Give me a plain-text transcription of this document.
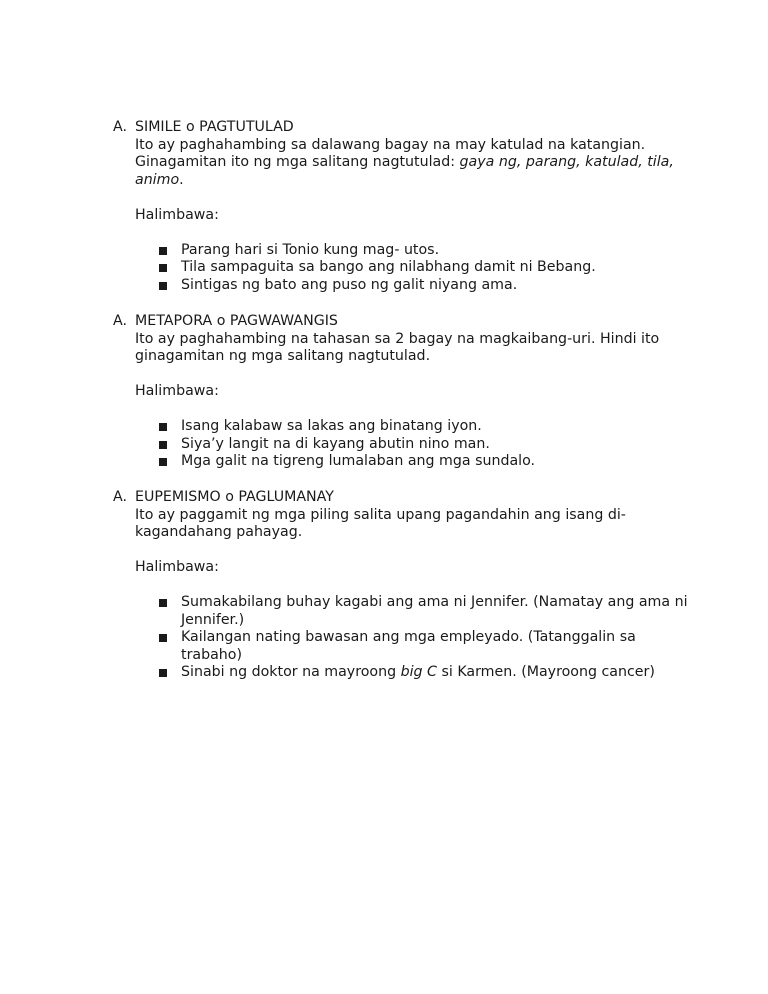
A. SIMILE o PAGTUTULAD
Ito ay paghahambing sa dalawang bagay na may katulad na katangian. Ginagamitan ito ng mga salitang nagtutulad: gaya ng, parang, katulad, tila, animo.
Halimbawa:
Parang hari si Tonio kung mag- utos.
Tila sampaguita sa bango ang nilabhang damit ni Bebang.
Sintigas ng bato ang puso ng galit niyang ama.
A. METAPORA o PAGWAWANGIS
Ito ay paghahambing na tahasan sa 2 bagay na magkaibang-uri. Hindi ito ginagamitan ng mga salitang nagtutulad.
Halimbawa:
Isang kalabaw sa lakas ang binatang iyon.
Siya’y langit na di kayang abutin nino man.
Mga galit na tigreng lumalaban ang mga sundalo.
A. EUPEMISMO o PAGLUMANAY
Ito ay paggamit ng mga piling salita upang pagandahin ang isang di-kagandahang pahayag.
Halimbawa:
Sumakabilang buhay kagabi ang ama ni Jennifer. (Namatay ang ama ni Jennifer.)
Kailangan nating bawasan ang mga empleyado. (Tatanggalin sa trabaho)
Sinabi ng doktor na mayroong big C si Karmen. (Mayroong cancer)
